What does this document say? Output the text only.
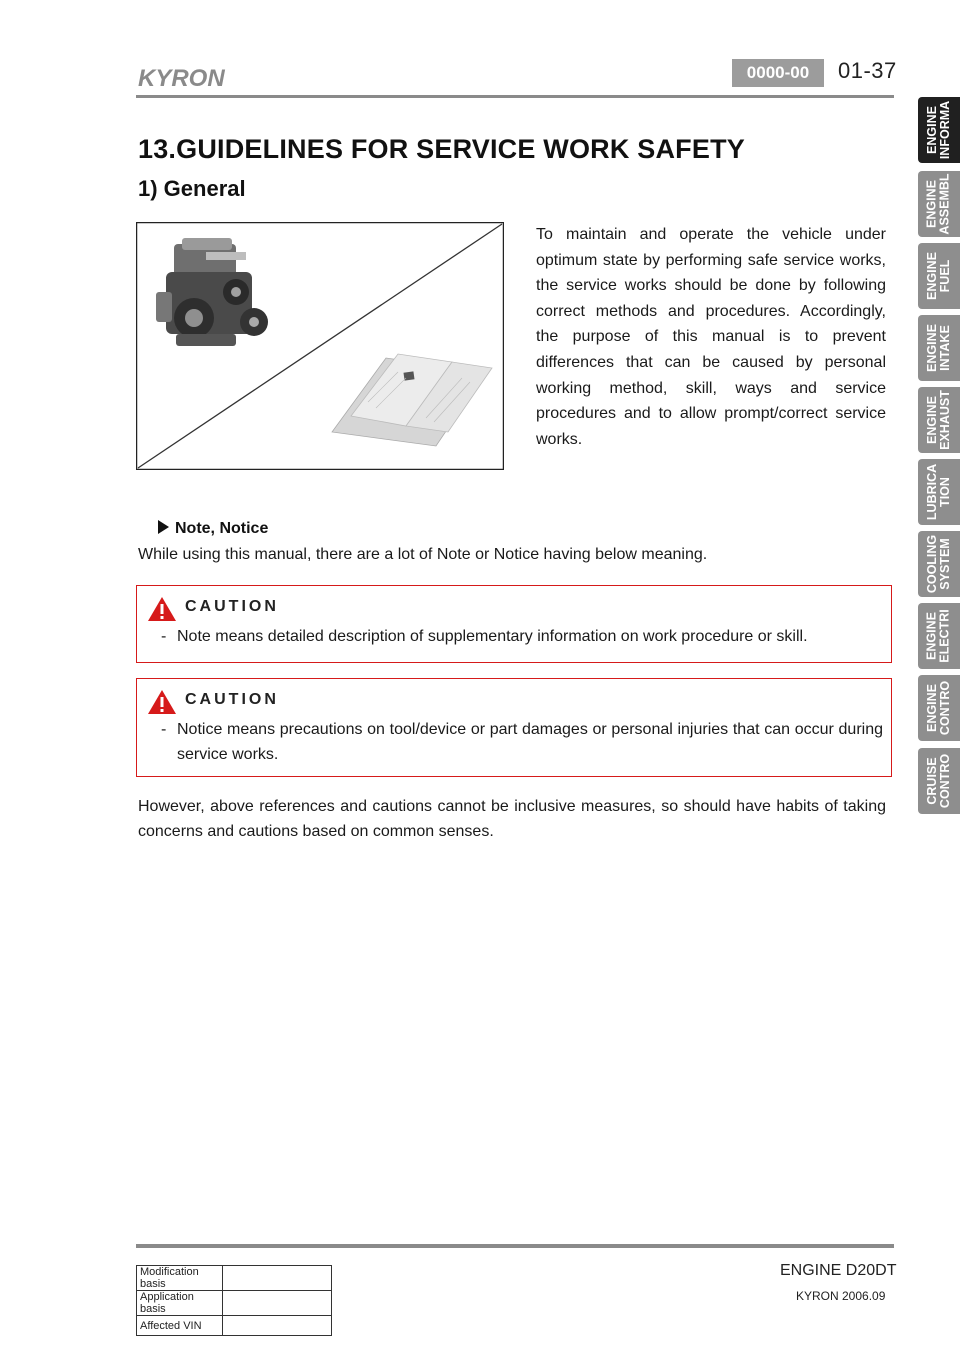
KYRON	0000-00	01-37
13.GUIDELINES FOR SERVICE WORK SAFETY
1) General
To maintain and operate the vehicle under optimum state by performing safe service works, the service works should be done by following correct methods and procedures. Accordingly, the purpose of this manual is to prevent differences that can be caused by personal working method, skill, ways and service procedures and to allow prompt/correct service works.
Note, Notice
While using this manual, there are a lot of Note or Notice having below meaning.
CAUTION
- Note means detailed description of supplementary information on work procedure or skill.
CAUTION
- Notice means precautions on tool/device or part damages or personal injuries that can occur during service works.
However, above references and cautions cannot be inclusive measures, so should have habits of taking concerns and cautions based on common senses.
Modification basis	
Application basis	
Affected VIN	
ENGINE D20DT
KYRON 2006.09
ENGINE INFORMA
ENGINE ASSEMBL
ENGINE FUEL
ENGINE INTAKE
ENGINE EXHAUST
LUBRICA TION
COOLING SYSTEM
ENGINE ELECTRI
ENGINE CONTRO
CRUISE CONTRO
